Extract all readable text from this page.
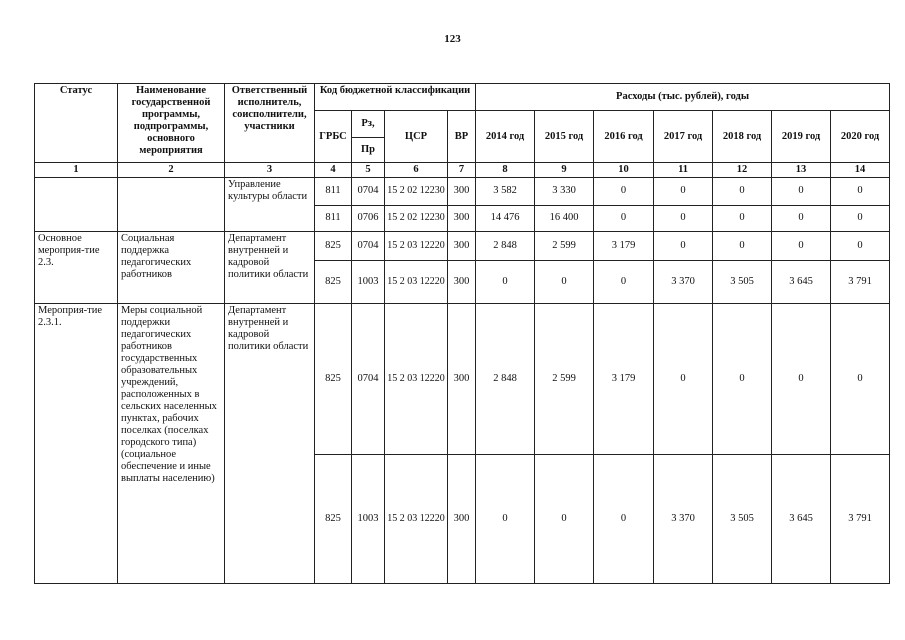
123
Статус	Наименование государственной программы, подпрограммы, основного мероприятия	Ответственный исполнитель, соисполнители, участники	Код бюджетной классификации				Расходы (тыс. рублей), годы						
			ГРБС	Рз,	ЦСР	ВР	2014 год	2015 год	2016 год	2017 год	2018 год	2019 год	2020 год
				Пр									
1	2	3	4	5	6	7	8	9	10	11	12	13	14
		Управление культуры области	811	0704	15 2 02 12230	300	3 582	3 330	0	0	0	0	0
			811	0706	15 2 02 12230	300	14 476	16 400	0	0	0	0	0
Основное мероприя-тие 2.3.	Социальная поддержка педагогических работников	Департамент внутренней и кадровой политики области	825	0704	15 2 03 12220	300	2 848	2 599	3 179	0	0	0	0
			825	1003	15 2 03 12220	300	0	0	0	3 370	3 505	3 645	3 791
Мероприя-тие 2.3.1.	Меры социальной поддержки педагогических работников государственных образовательных учреждений, расположенных в сельских населенных пунктах, рабочих поселках (поселках городского типа) (социальное обеспечение и иные выплаты населению)	Департамент внутренней и кадровой политики области	825	0704	15 2 03 12220	300	2 848	2 599	3 179	0	0	0	0
			825	1003	15 2 03 12220	300	0	0	0	3 370	3 505	3 645	3 791
